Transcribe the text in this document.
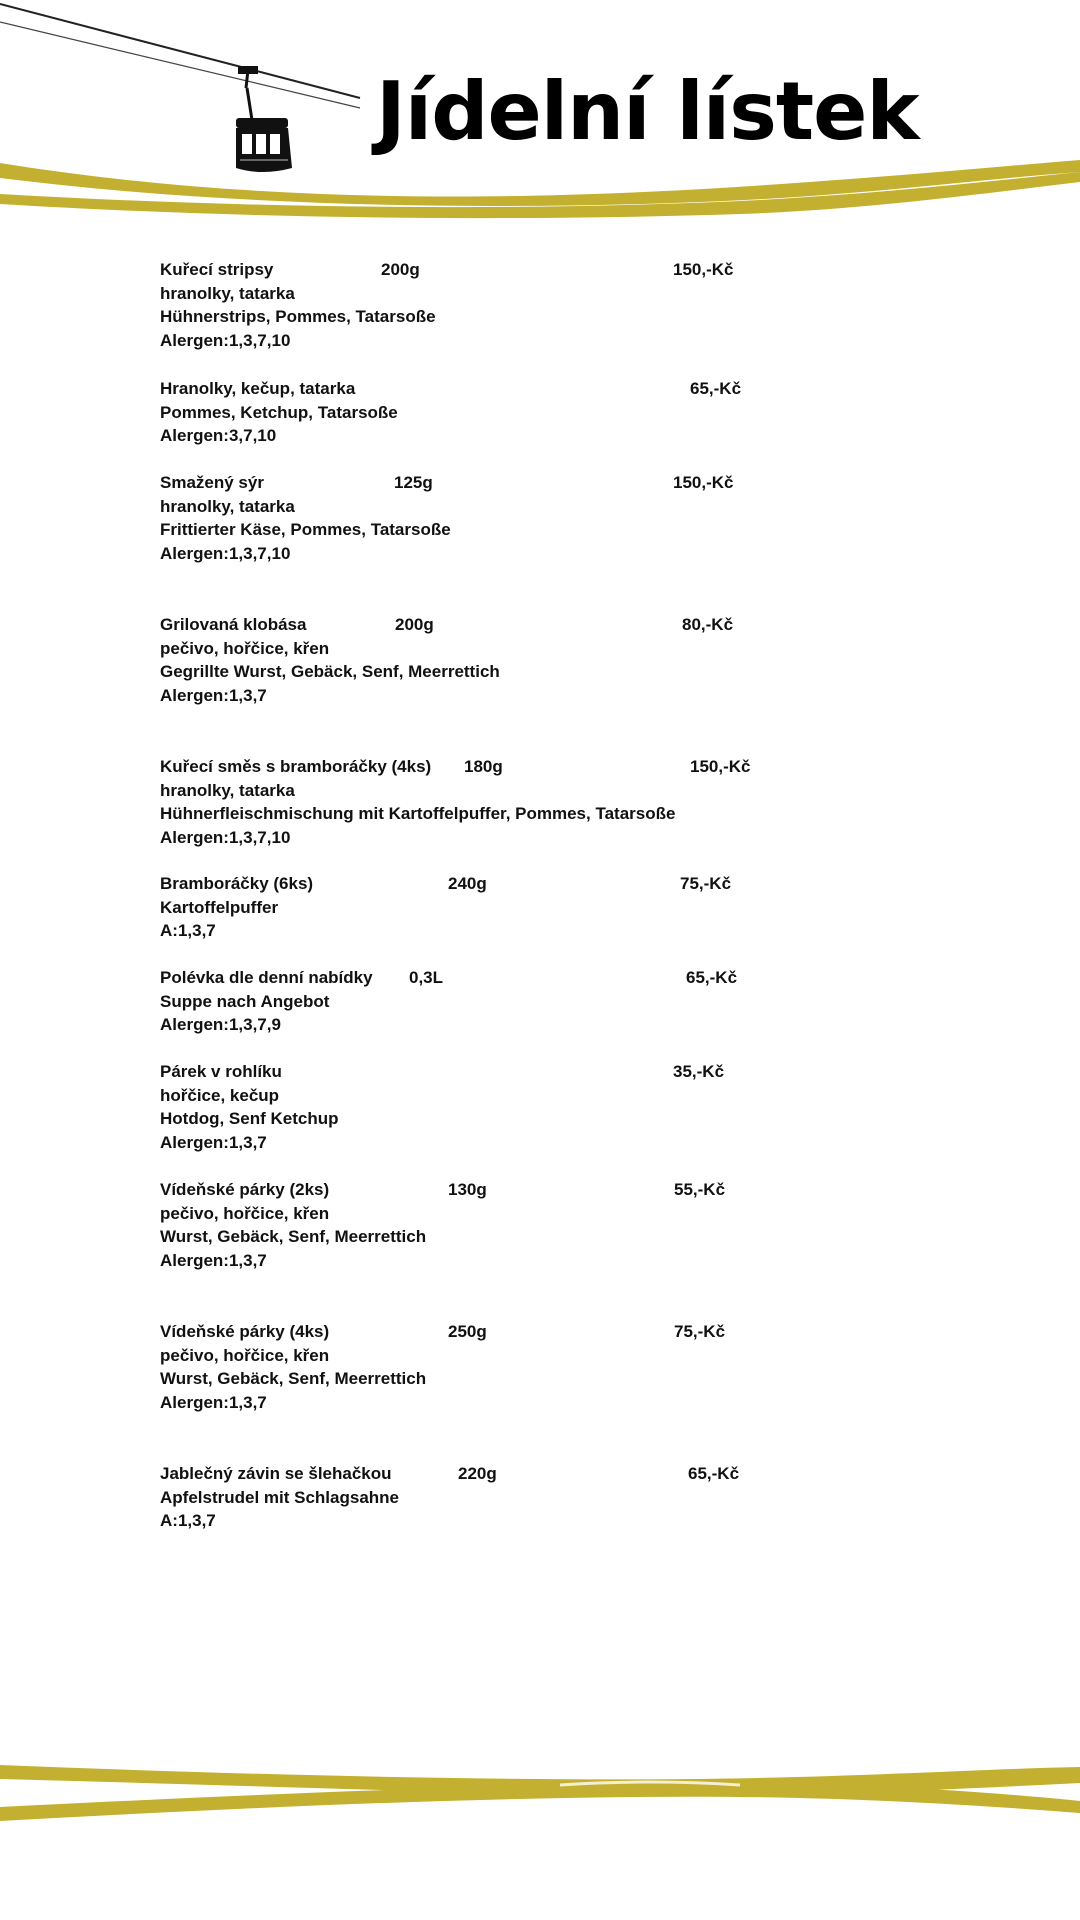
Jídelní lístek
Kuřecí stripsy	200g	150,-Kč
hranolky, tatarka
Hühnerstrips, Pommes, Tatarsoße
Alergen:1,3,7,10
Hranolky, kečup, tatarka	65,-Kč
Pommes, Ketchup, Tatarsoße
Alergen:3,7,10
Smažený sýr	125g	150,-Kč
hranolky, tatarka
Frittierter Käse, Pommes, Tatarsoße
Alergen:1,3,7,10
Grilovaná klobása	200g	80,-Kč
pečivo, hořčice, křen
Gegrillte Wurst, Gebäck, Senf, Meerrettich
Alergen:1,3,7
Kuřecí směs s bramboráčky (4ks) 180g	150,-Kč
hranolky, tatarka
Hühnerfleischmischung mit Kartoffelpuffer, Pommes, Tatarsoße
Alergen:1,3,7,10
Bramboráčky (6ks)	240g	75,-Kč
Kartoffelpuffer
A:1,3,7
Polévka dle denní nabídky 0,3L	65,-Kč
Suppe nach Angebot
Alergen:1,3,7,9
Párek v rohlíku	35,-Kč
hořčice, kečup
Hotdog, Senf Ketchup
Alergen:1,3,7
Vídeňské párky (2ks)	130g	55,-Kč
pečivo, hořčice, křen
Wurst, Gebäck, Senf, Meerrettich
Alergen:1,3,7
Vídeňské párky (4ks)	250g	75,-Kč
pečivo, hořčice, křen
Wurst, Gebäck, Senf, Meerrettich
Alergen:1,3,7
Jablečný závin se šlehačkou	220g	65,-Kč
Apfelstrudel mit Schlagsahne
A:1,3,7
